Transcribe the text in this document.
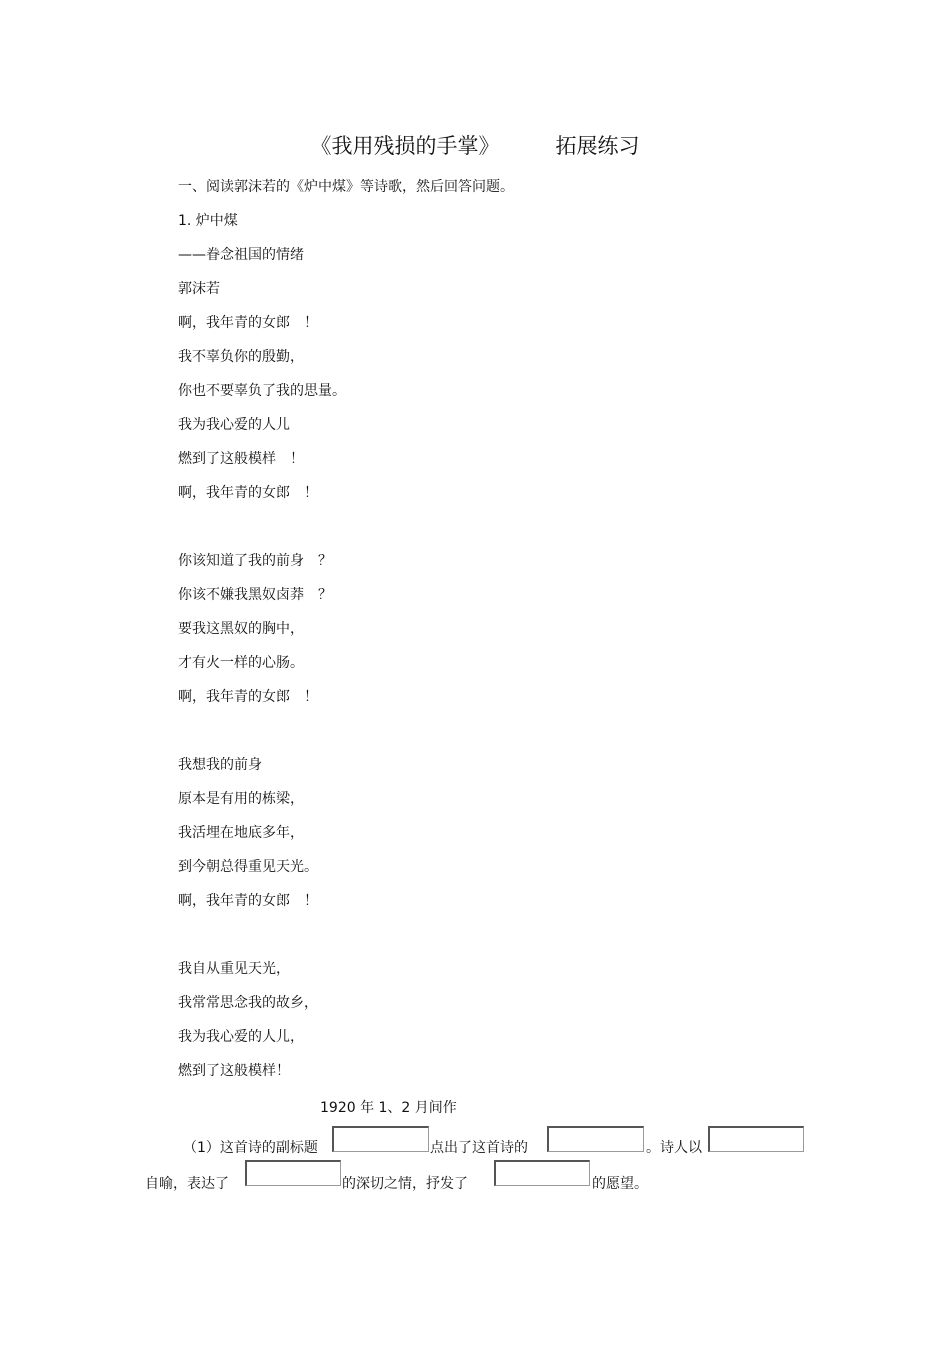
《我用残损的手掌》	拓展练习
一、阅读郭沫若的《炉中煤》等诗歌，然后回答问题。
1. 炉中煤
——眷念祖国的情绪
郭沫若
啊，我年青的女郎　！
我不辜负你的殷勤，
你也不要辜负了我的思量。
我为我心爱的人儿
燃到了这般模样　！
啊，我年青的女郎　！
你该知道了我的前身　？
你该不嫌我黑奴卤莽　？
要我这黑奴的胸中，
才有火一样的心肠。
啊，我年青的女郎　！
我想我的前身
原本是有用的栋梁，
我活埋在地底多年，
到今朝总得重见天光。
啊，我年青的女郎　！
我自从重见天光，
我常常思念我的故乡，
我为我心爱的人儿，
燃到了这般模样！
1920 年 1、2 月间作
（1）这首诗的副标题	点出了这首诗的	。诗人以
自喻，表达了	的深切之情，抒发了	的愿望。
